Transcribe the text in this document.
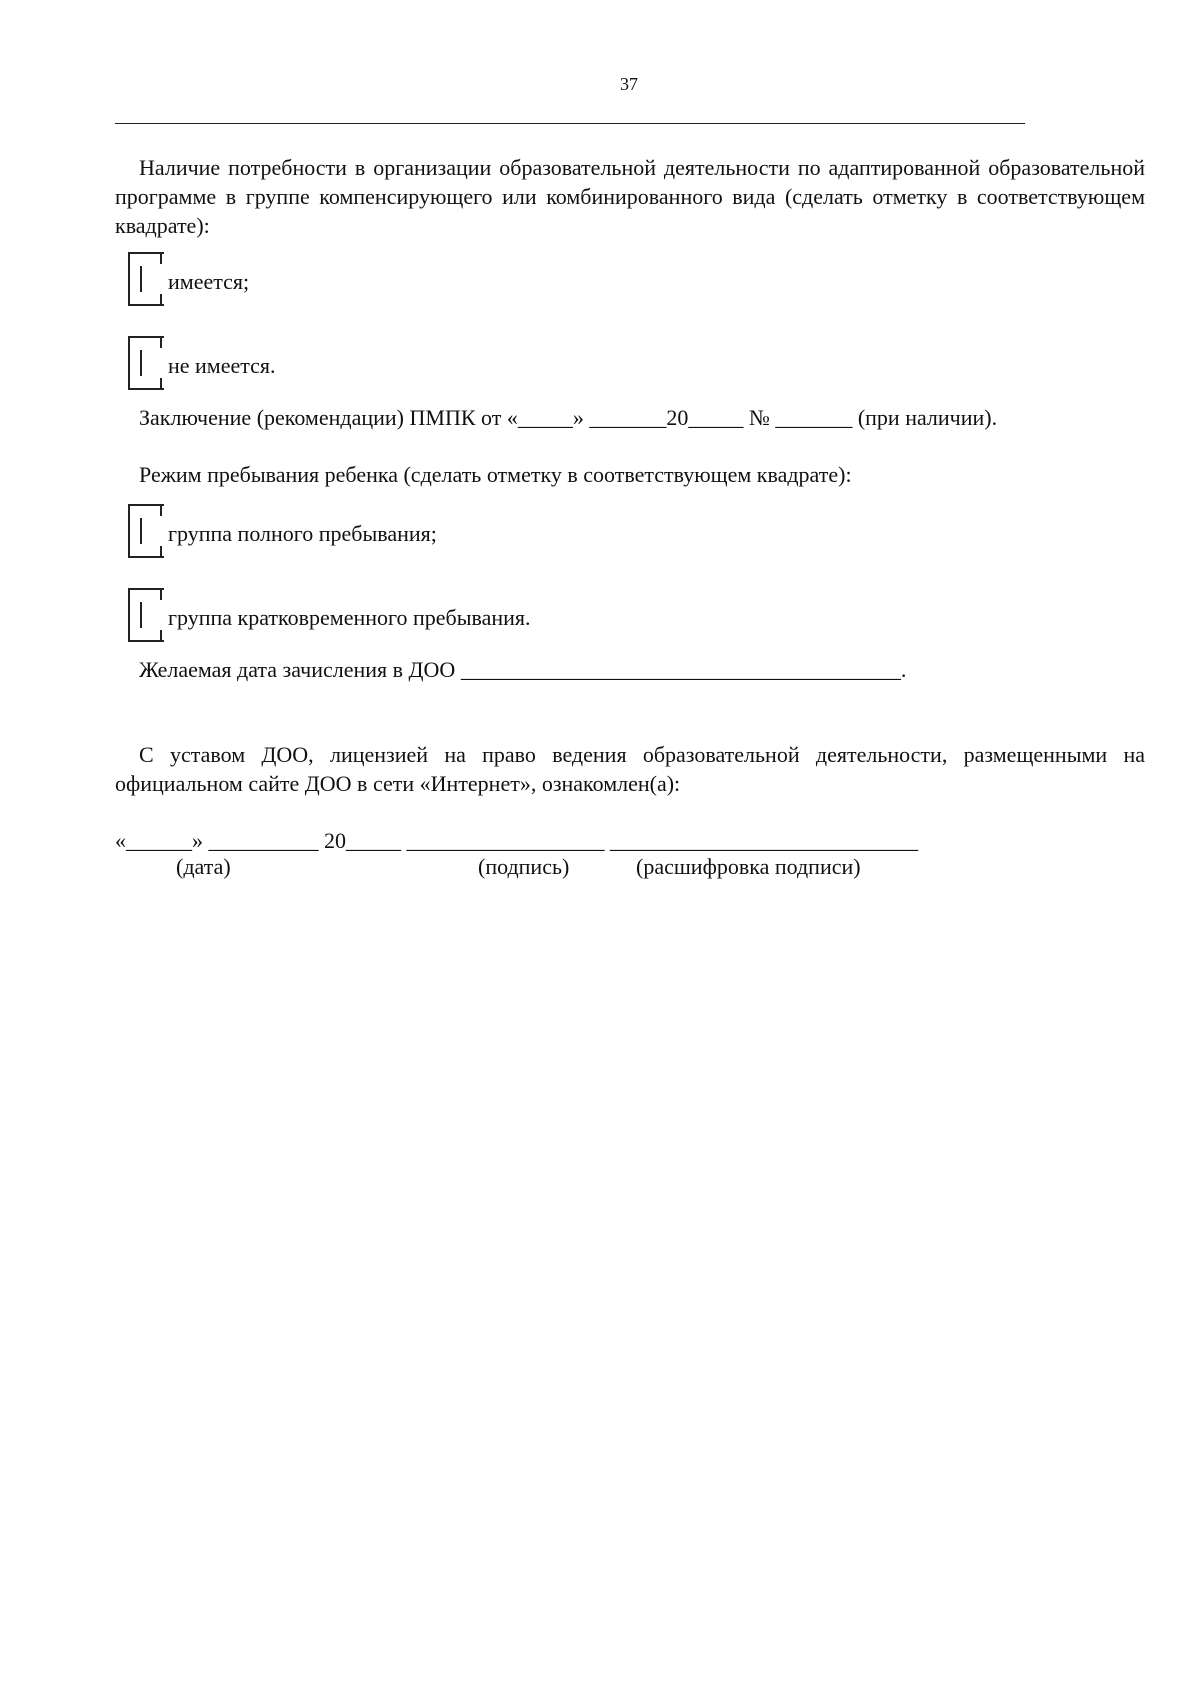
37
Наличие потребности в организации образовательной деятельности по адаптированной образовательной программе в группе компенсирующего или комбинированного вида (сделать отметку в соответствующем квадрате):
имеется;
не имеется.
Заключение (рекомендации) ПМПК от «_____» _______20_____ № _______ (при наличии).
Режим пребывания ребенка (сделать отметку в соответствующем квадрате):
группа полного пребывания;
группа кратковременного пребывания.
Желаемая дата зачисления в ДОО ________________________________________.
С уставом ДОО, лицензией на право ведения образовательной деятельности, размещенными на официальном сайте ДОО в сети «Интернет», ознакомлен(а):
«______» __________ 20_____ __________________ ____________________________
(дата)	(подпись)	(расшифровка подписи)
